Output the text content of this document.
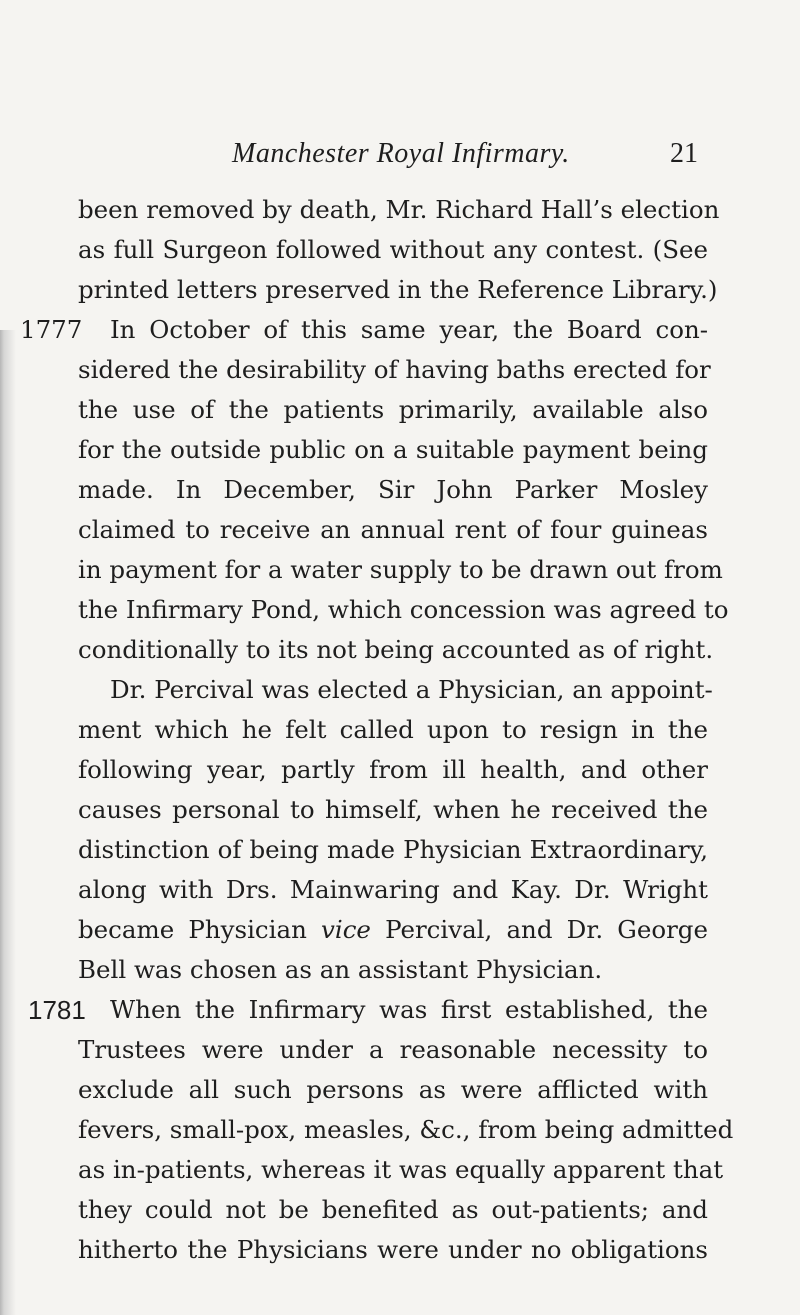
Manchester Royal Infirmary.	21
been removed by death, Mr. Richard Hall’s election
as full Surgeon followed without any contest. (See
printed letters preserved in the Reference Library.)
1777 In October of this same year, the Board con-
sidered the desirability of having baths erected for
the use of the patients primarily, available also
for the outside public on a suitable payment being
made. In December, Sir John Parker Mosley
claimed to receive an annual rent of four guineas
in payment for a water supply to be drawn out from
the Infirmary Pond, which concession was agreed to
conditionally to its not being accounted as of right.
Dr. Percival was elected a Physician, an appoint-
ment which he felt called upon to resign in the
following year, partly from ill health, and other
causes personal to himself, when he received the
distinction of being made Physician Extraordinary,
along with Drs. Mainwaring and Kay. Dr. Wright
became Physician vice Percival, and Dr. George
Bell was chosen as an assistant Physician.
1781 When the Infirmary was first established, the
Trustees were under a reasonable necessity to
exclude all such persons as were afflicted with
fevers, small-pox, measles, &c., from being admitted
as in-patients, whereas it was equally apparent that
they could not be benefited as out-patients; and
hitherto the Physicians were under no obligations
